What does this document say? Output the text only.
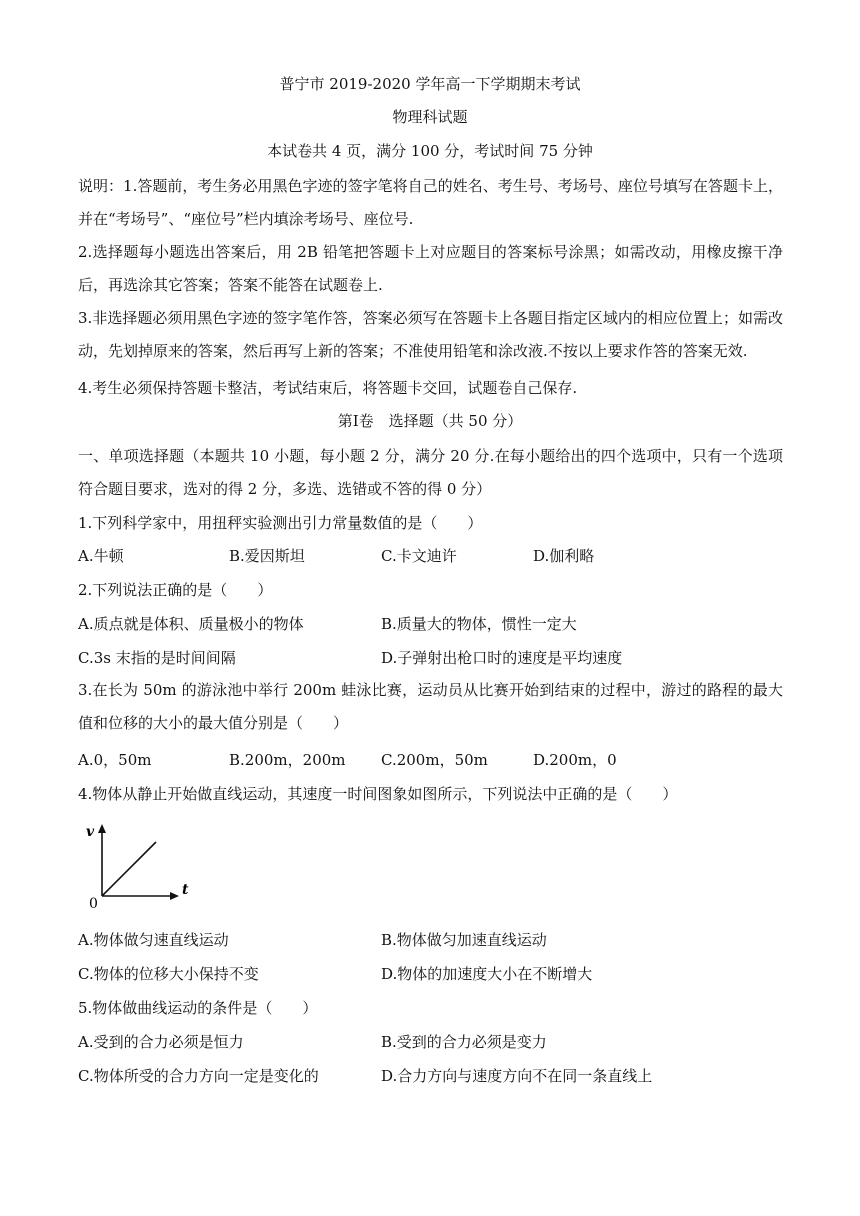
普宁市 2019-2020 学年高一下学期期末考试
物理科试题
本试卷共 4 页，满分 100 分，考试时间 75 分钟
说明：1.答题前，考生务必用黑色字迹的签字笔将自己的姓名、考生号、考场号、座位号填写在答题卡上，并在“考场号”、“座位号”栏内填涂考场号、座位号.
2.选择题每小题选出答案后，用 2B 铅笔把答题卡上对应题目的答案标号涂黑；如需改动，用橡皮擦干净后，再选涂其它答案；答案不能答在试题卷上.
3.非选择题必须用黑色字迹的签字笔作答，答案必须写在答题卡上各题目指定区域内的相应位置上；如需改动，先划掉原来的答案，然后再写上新的答案；不准使用铅笔和涂改液.不按以上要求作答的答案无效.
4.考生必须保持答题卡整洁，考试结束后，将答题卡交回，试题卷自己保存.
第Ⅰ卷　选择题（共 50 分）
一、单项选择题（本题共 10 小题，每小题 2 分，满分 20 分.在每小题给出的四个选项中，只有一个选项符合题目要求，选对的得 2 分，多选、选错或不答的得 0 分）
1.下列科学家中，用扭秤实验测出引力常量数值的是（　　）
A.牛顿	B.爱因斯坦	C.卡文迪许	D.伽利略
2.下列说法正确的是（　　）
A.质点就是体积、质量极小的物体	B.质量大的物体，惯性一定大
C.3s 末指的是时间间隔	D.子弹射出枪口时的速度是平均速度
3.在长为 50m 的游泳池中举行 200m 蛙泳比赛，运动员从比赛开始到结束的过程中，游过的路程的最大值和位移的大小的最大值分别是（　　）
A.0，50m	B.200m，200m C.200m，50m	D.200m，0
4.物体从静止开始做直线运动，其速度一时间图象如图所示，下列说法中正确的是（　　）
v
t
0
A.物体做匀速直线运动	B.物体做匀加速直线运动
C.物体的位移大小保持不变	D.物体的加速度大小在不断增大
5.物体做曲线运动的条件是（　　）
A.受到的合力必须是恒力	B.受到的合力必须是变力
C.物体所受的合力方向一定是变化的	D.合力方向与速度方向不在同一条直线上
